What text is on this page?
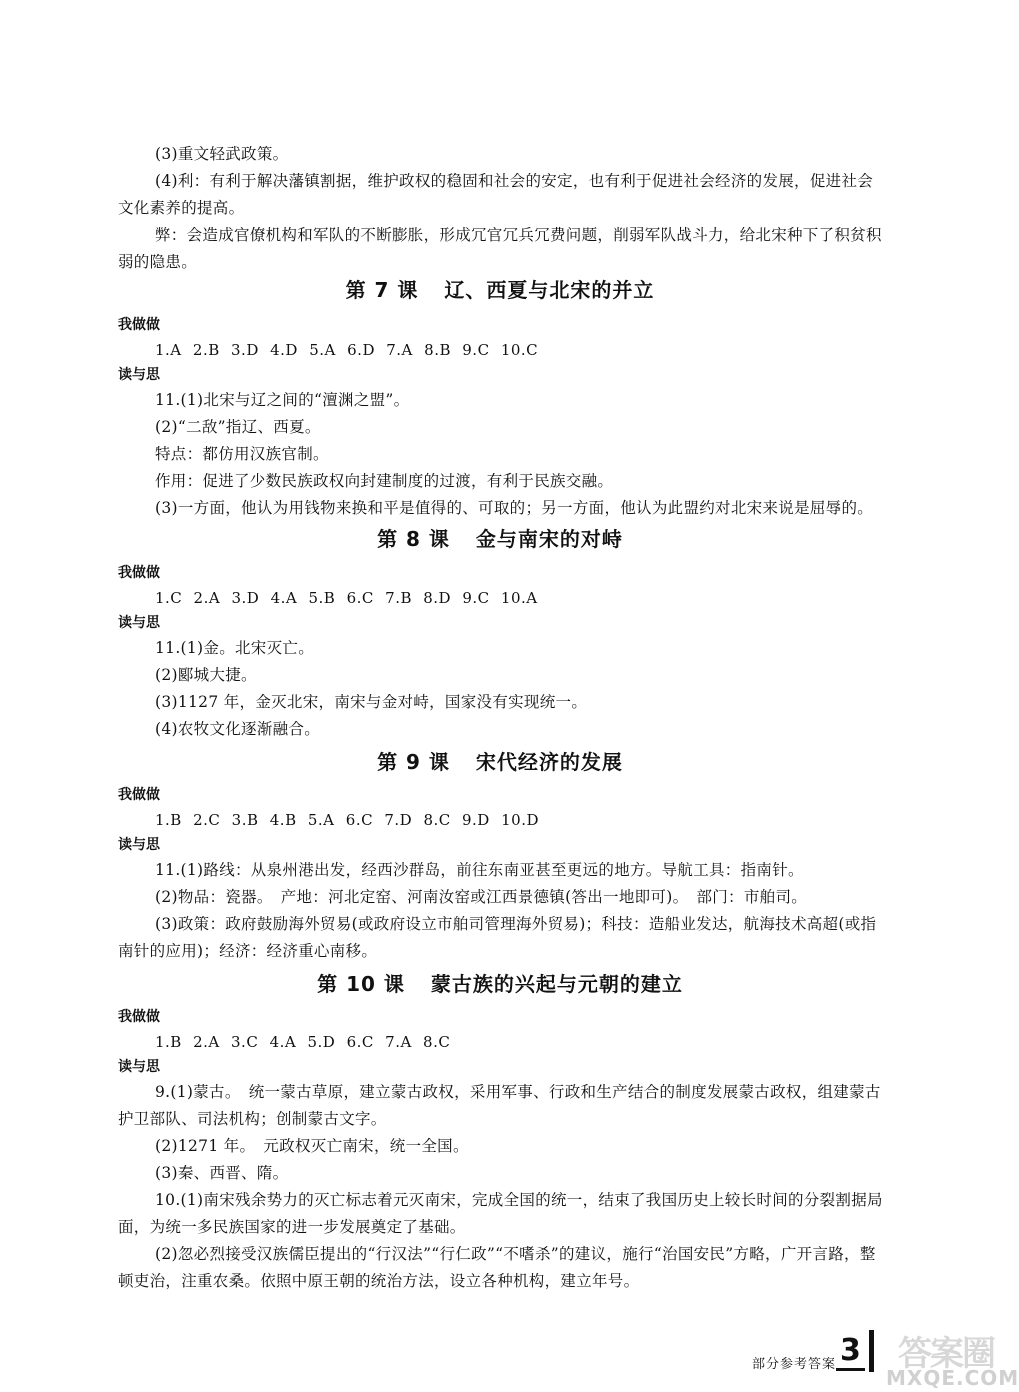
(3)重文轻武政策。

(4)利：有利于解决藩镇割据，维护政权的稳固和社会的安定，也有利于促进社会经济的发展，促进社会文化素养的提高。

弊：会造成官僚机构和军队的不断膨胀，形成冗官冗兵冗费问题，削弱军队战斗力，给北宋种下了积贫积弱的隐患。

第 7 课 辽、西夏与北宋的并立

我做做

1.A 2.B 3.D 4.D 5.A 6.D 7.A 8.B 9.C 10.C

读与思

11.(1)北宋与辽之间的“澶渊之盟”。

(2)“二敌”指辽、西夏。

特点：都仿用汉族官制。

作用：促进了少数民族政权向封建制度的过渡，有利于民族交融。

(3)一方面，他认为用钱物来换和平是值得的、可取的；另一方面，他认为此盟约对北宋来说是屈辱的。

第 8 课 金与南宋的对峙

我做做

1.C 2.A 3.D 4.A 5.B 6.C 7.B 8.D 9.C 10.A

读与思

11.(1)金。北宋灭亡。

(2)郾城大捷。

(3)1127 年，金灭北宋，南宋与金对峙，国家没有实现统一。

(4)农牧文化逐渐融合。

第 9 课 宋代经济的发展

我做做

1.B 2.C 3.B 4.B 5.A 6.C 7.D 8.C 9.D 10.D

读与思

11.(1)路线：从泉州港出发，经西沙群岛，前往东南亚甚至更远的地方。导航工具：指南针。

(2)物品：瓷器。　产地：河北定窑、河南汝窑或江西景德镇(答出一地即可)。　部门：市舶司。

(3)政策：政府鼓励海外贸易(或政府设立市舶司管理海外贸易)；科技：造船业发达，航海技术高超(或指南针的应用)；经济：经济重心南移。

第 10 课 蒙古族的兴起与元朝的建立

我做做

1.B 2.A 3.C 4.A 5.D 6.C 7.A 8.C

读与思

9.(1)蒙古。　统一蒙古草原，建立蒙古政权，采用军事、行政和生产结合的制度发展蒙古政权，组建蒙古护卫部队、司法机构；创制蒙古文字。

(2)1271 年。　元政权灭亡南宋，统一全国。

(3)秦、西晋、隋。

10.(1)南宋残余势力的灭亡标志着元灭南宋，完成全国的统一，结束了我国历史上较长时间的分裂割据局面，为统一多民族国家的进一步发展奠定了基础。

(2)忽必烈接受汉族儒臣提出的“行汉法”“行仁政”“不嗜杀”的建议，施行“治国安民”方略，广开言路，整顿吏治，注重农桑。依照中原王朝的统治方法，设立各种机构，建立年号。

部分参考答案 3 答案圈
MXQE.COM
